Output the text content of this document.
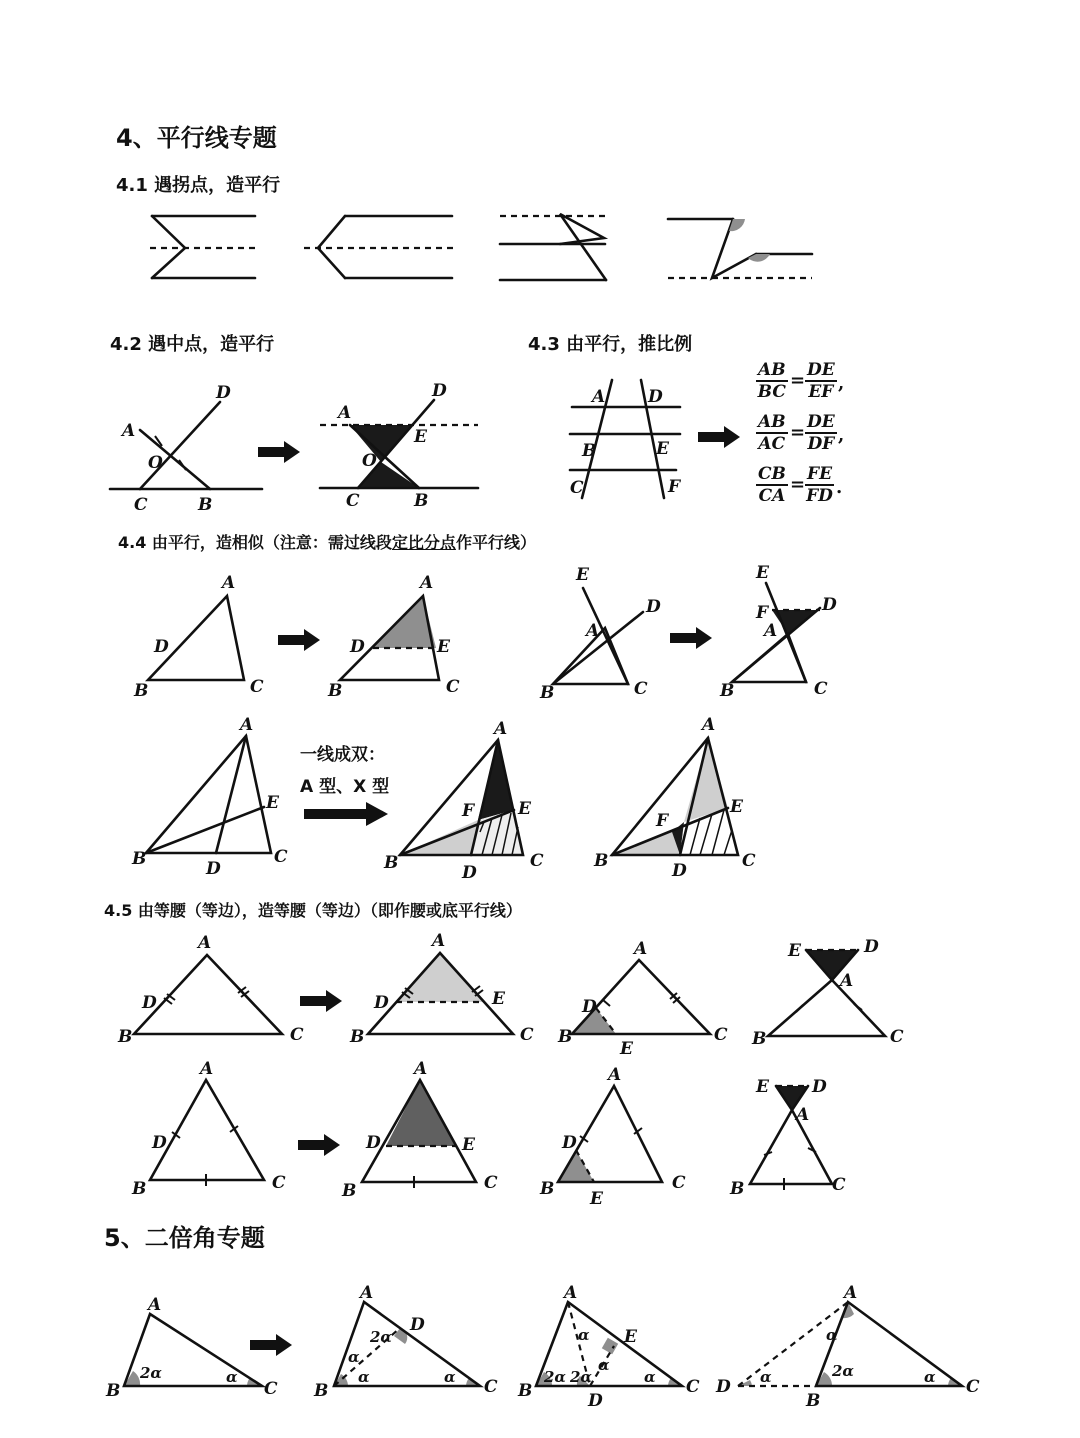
4、平行线专题
4.1 遇拐点，造平行
4.2 遇中点，造平行	4.3 由平行，推比例
4.4 由平行，造相似（注意：需过线段定比分点作平行线）
4.5 由等腰（等边），造等腰（等边）（即作腰或底平行线）
5、二倍角专题
$\frac{AB}{BC} = \frac{DE}{EF}$ ,
$\frac{AB}{AC} = \frac{DE}{DF}$ ,
$\frac{CB}{CA} = \frac{FE}{FD}$ .
A
D
O
C	B
A
D
E
O
C	B
A	D
B	E
C	F
A
D
B	C
A
D	E
B	C
E
D
A
B	C
E
F	D
A
B	C
A
E
B	D
C
一线成双：
A 型、X 型
A
F	E
B	D
C
A
F
E
B	D	C
A
D
B	C
A
D	E
B	C
A
D
B
E
C
E	D
A
B	C
A
D
B	C
A
D	E
B	C
A
D
B E
C
E	D
A
B	C
A
B	C
2α	α
A
D
B	C
2α
α
α	α
A
E
B	D
C
α
2α 2α
α
α
A
D
B
C
α
α
2α	α
